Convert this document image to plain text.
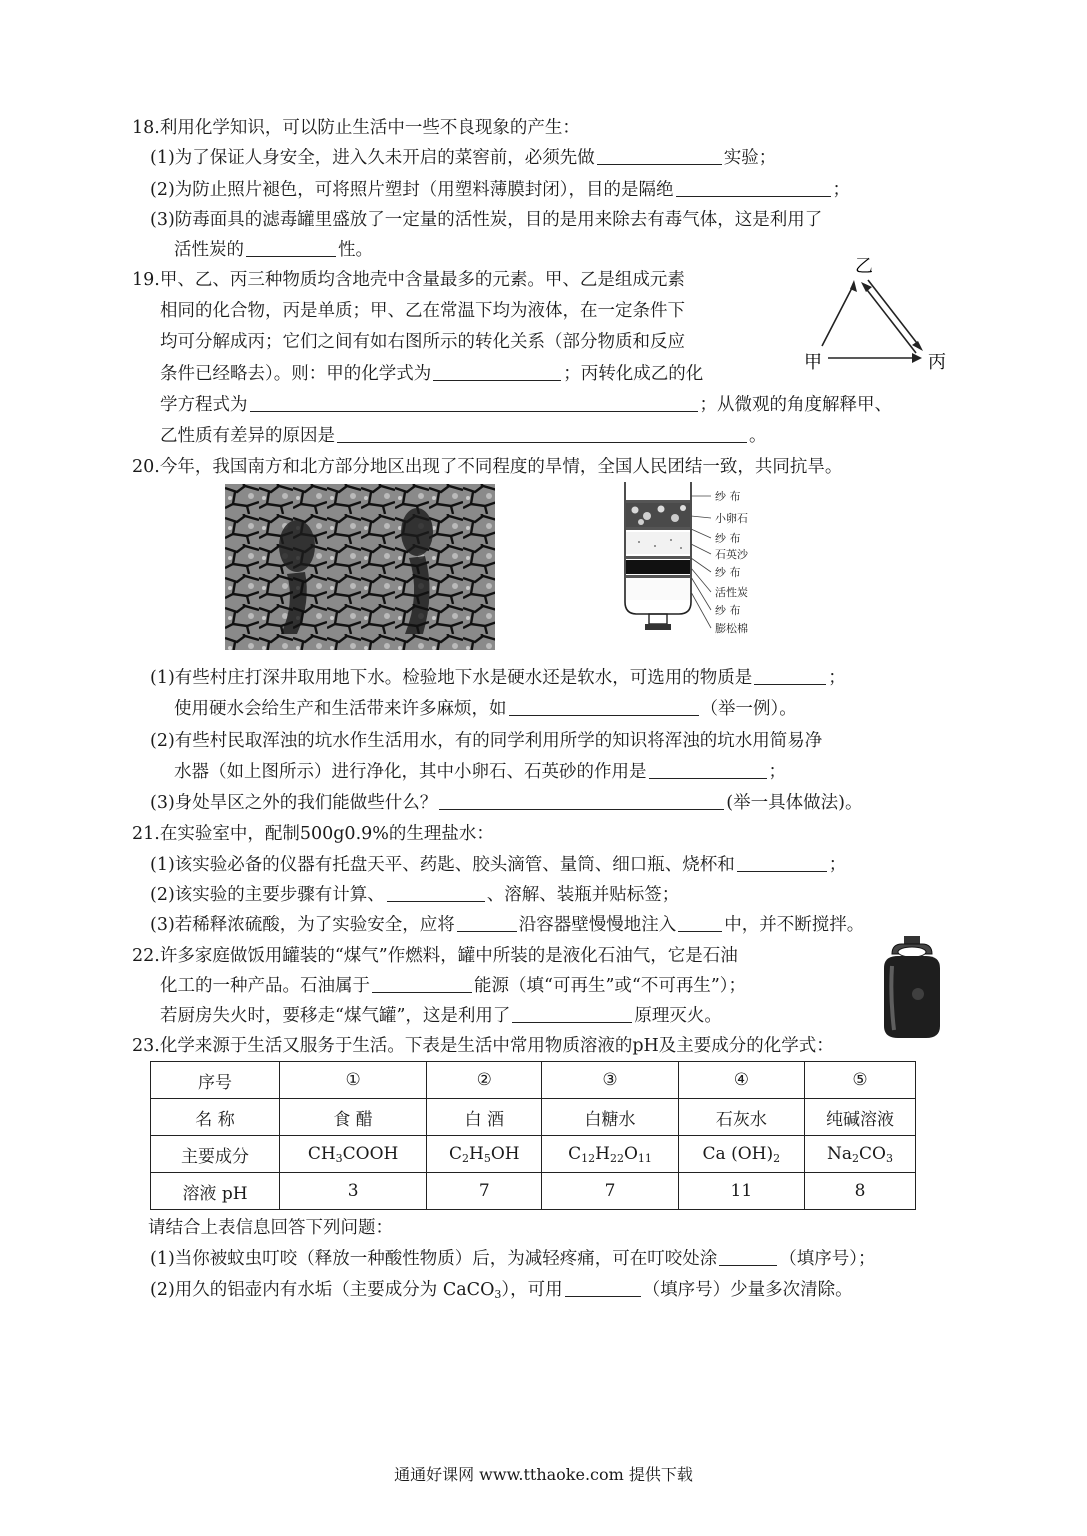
18.利用化学知识，可以防止生活中一些不良现象的产生：
(1)为了保证人身安全，进入久未开启的菜窖前，必须先做	实验；
(2)为防止照片褪色，可将照片塑封（用塑料薄膜封闭），目的是隔绝	；
(3)防毒面具的滤毒罐里盛放了一定量的活性炭，目的是用来除去有毒气体，这是利用了
活性炭的	性。
19.甲、乙、丙三种物质均含地壳中含量最多的元素。甲、乙是组成元素
相同的化合物，丙是单质；甲、乙在常温下均为液体，在一定条件下
均可分解成丙；它们之间有如右图所示的转化关系（部分物质和反应
条件已经略去）。则：甲的化学式为	；丙转化成乙的化
学方程式为	；从微观的角度解释甲、
乙性质有差异的原因是	。
乙
甲	丙
20.今年，我国南方和北方部分地区出现了不同程度的旱情，全国人民团结一致，共同抗旱。
纱 布
小卵石
纱 布
石英沙
纱 布
活性炭
纱 布
膨松棉
(1)有些村庄打深井取用地下水。检验地下水是硬水还是软水，可选用的物质是	；
使用硬水会给生产和生活带来许多麻烦，如	（举一例）。
(2)有些村民取浑浊的坑水作生活用水，有的同学利用所学的知识将浑浊的坑水用简易净
水器（如上图所示）进行净化，其中小卵石、石英砂的作用是	；
(3)身处旱区之外的我们能做些什么？	(举一具体做法)。
21.在实验室中，配制500g0.9%的生理盐水：
(1)该实验必备的仪器有托盘天平、药匙、胶头滴管、量筒、细口瓶、烧杯和	；
(2)该实验的主要步骤有计算、	、溶解、装瓶并贴标签；
(3)若稀释浓硫酸，为了实验安全，应将	沿容器壁慢慢地注入	中，并不断搅拌。
22.许多家庭做饭用罐装的“煤气”作燃料，罐中所装的是液化石油气，它是石油
化工的一种产品。石油属于	能源（填“可再生”或“不可再生”）；
若厨房失火时，要移走“煤气罐”，这是利用了	原理灭火。
23.化学来源于生活又服务于生活。下表是生活中常用物质溶液的pH及主要成分的化学式：
序号	①	②	③	④	⑤
名 称	食 醋	白 酒	白糖水	石灰水	纯碱溶液
主要成分	$CH_3COOH$	$C_2H_5OH$	$C_{12}H_{22}O_{11}$	Ca $(OH)_2$	$Na_2CO_3$
溶液 pH	3	7	7	11	8
请结合上表信息回答下列问题：
(1)当你被蚊虫叮咬（释放一种酸性物质）后，为减轻疼痛，可在叮咬处涂	（填序号）；
(2)用久的铝壶内有水垢（主要成分为 CaCO$_3$），可用	（填序号）少量多次清除。
通通好课网 www.tthaoke.com 提供下载
